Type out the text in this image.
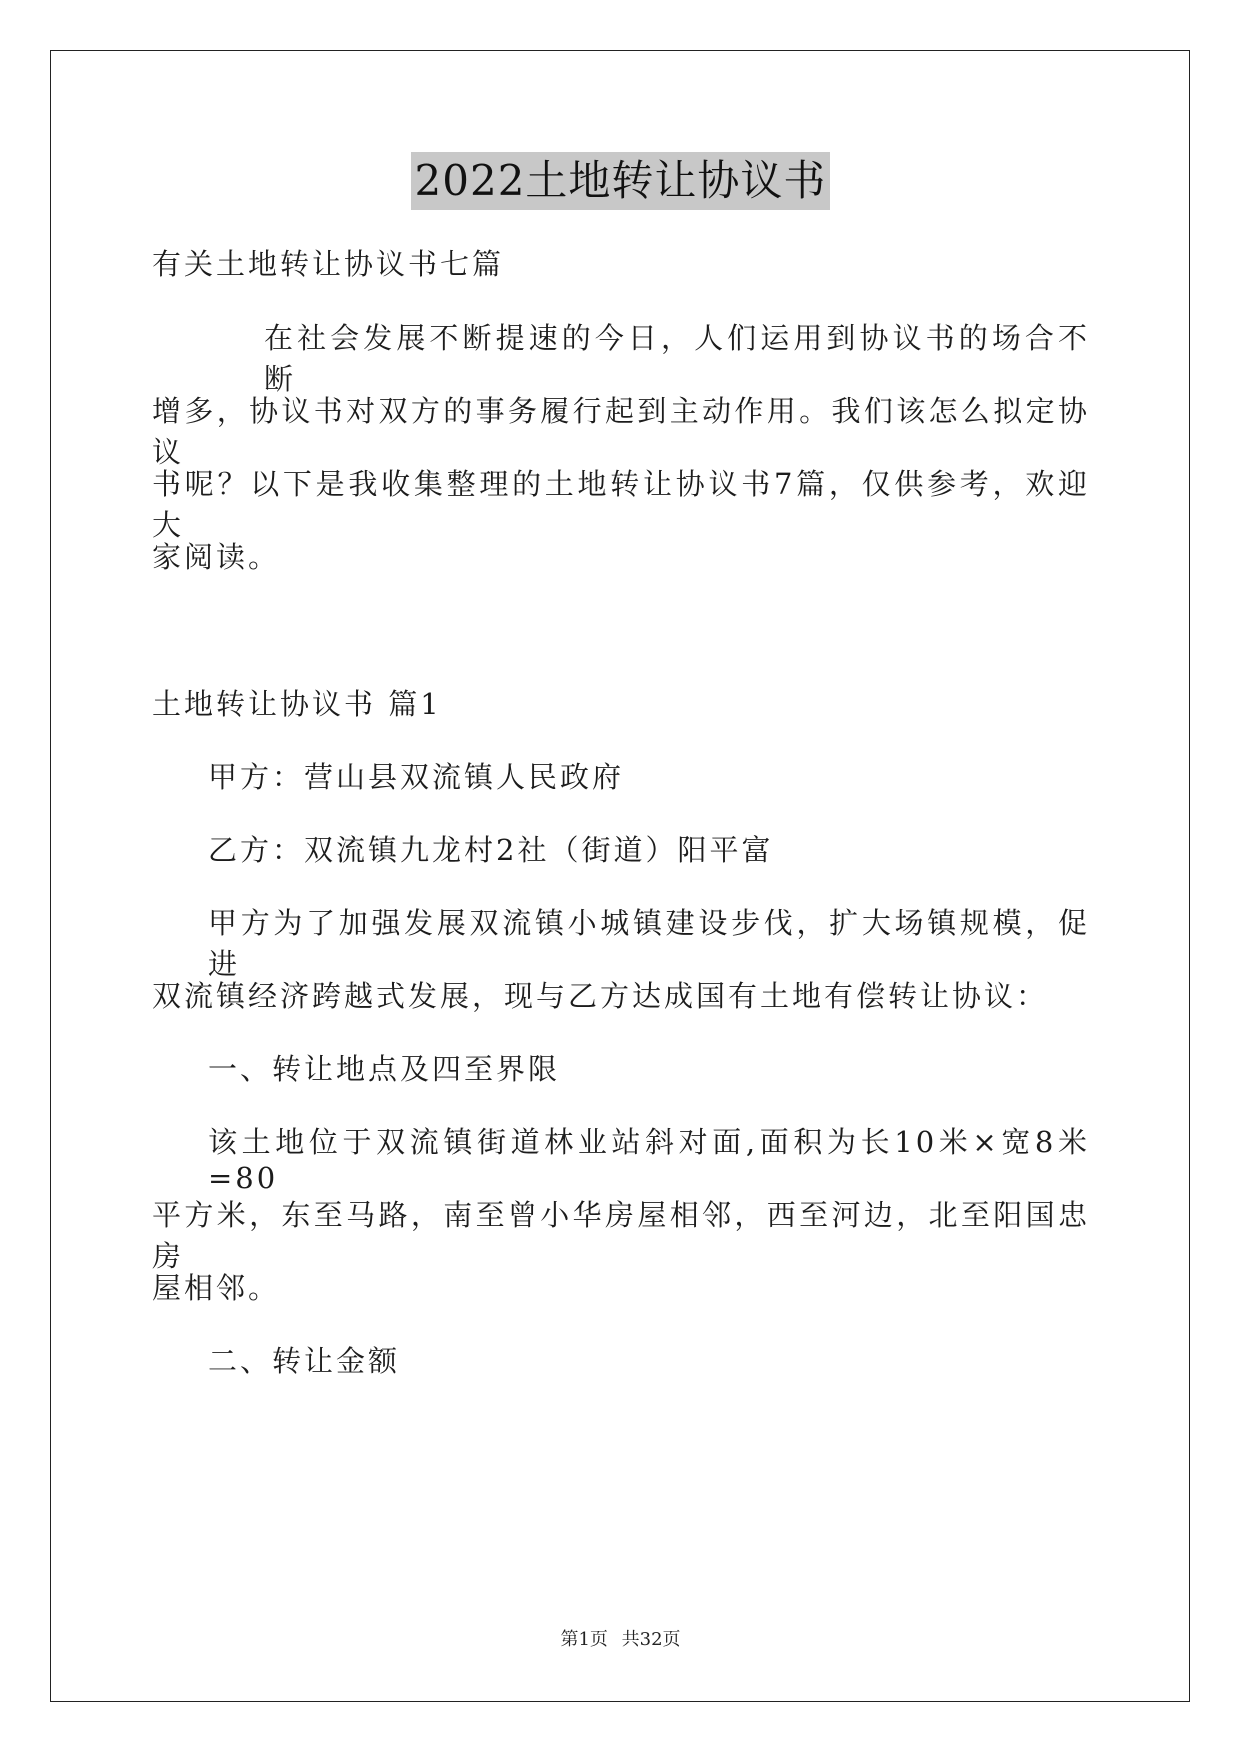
2022土地转让协议书
有关土地转让协议书七篇
在社会发展不断提速的今日，人们运用到协议书的场合不断
增多，协议书对双方的事务履行起到主动作用。我们该怎么拟定协议
书呢？以下是我收集整理的土地转让协议书7篇，仅供参考，欢迎大
家阅读。
土地转让协议书 篇1
甲方：营山县双流镇人民政府
乙方：双流镇九龙村2社（街道）阳平富
甲方为了加强发展双流镇小城镇建设步伐，扩大场镇规模，促进
双流镇经济跨越式发展，现与乙方达成国有土地有偿转让协议：
一、转让地点及四至界限
该土地位于双流镇街道林业站斜对面,面积为长10米×宽8米=80
平方米，东至马路，南至曾小华房屋相邻，西至河边，北至阳国忠房
屋相邻。
二、转让金额
第1页 共32页
